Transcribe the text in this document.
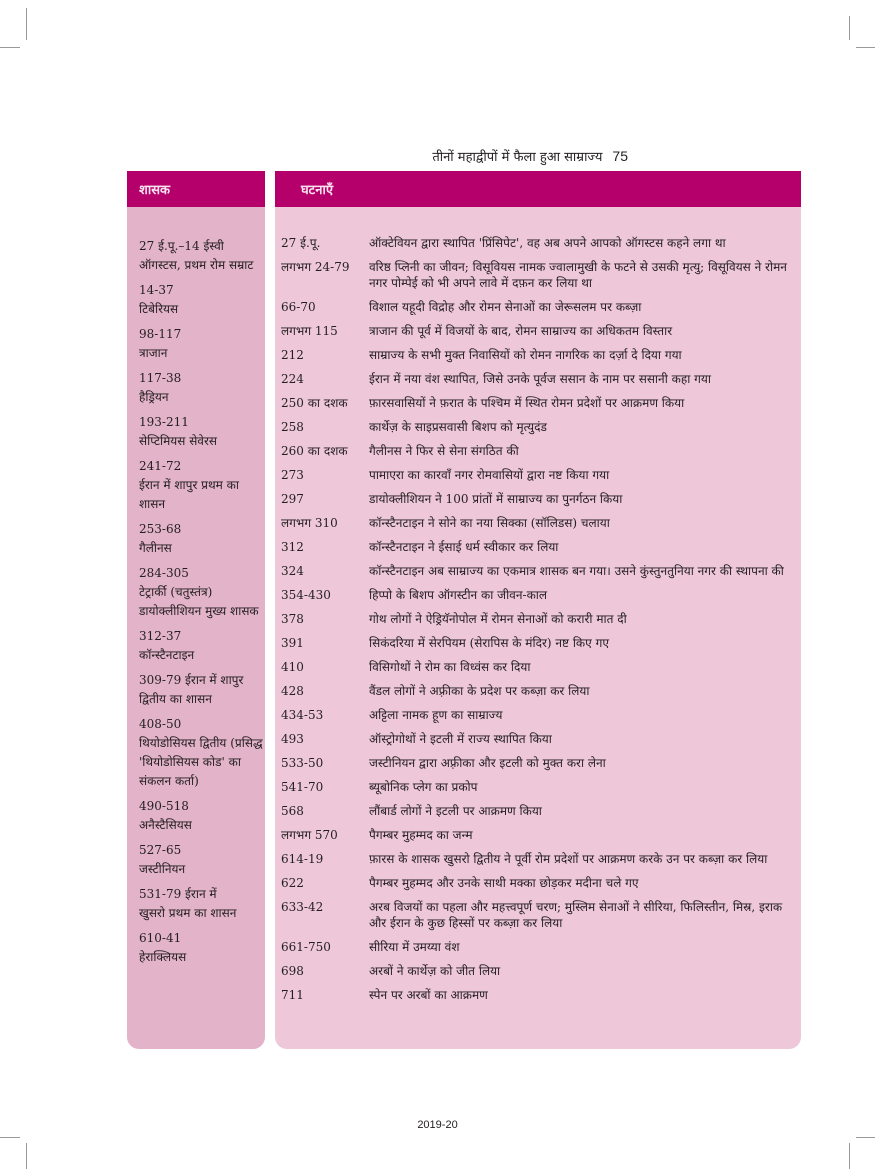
तीनों महाद्वीपों में फैला हुआ साम्राज्य 75
शासक
27 ई.पू.–14 ईस्वी
ऑगस्टस, प्रथम रोम सम्राट
14-37
टिबेरियस
98-117
त्राजान
117-38
हैड्रियन
193-211
सेप्टिमियस सेवेरस
241-72
ईरान में शापुर प्रथम का शासन
253-68
गैलीनस
284-305
टेट्रार्की (चतुस्तंत्र) डायोक्लीशियन मुख्य शासक
312-37
कॉन्स्टैनटाइन
309-79 ईरान में शापुर
द्वितीय का शासन
408-50
थियोडोसियस द्वितीय (प्रसिद्ध 'थियोडोसियस कोड' का संकलन कर्ता)
490-518
अनैस्टैसियस
527-65
जस्टीनियन
531-79 ईरान में
खुसरो प्रथम का शासन
610-41
हेराक्लियस
घटनाएँ
27 ई.पू.	ऑक्टेवियन द्वारा स्थापित 'प्रिंसिपेट', वह अब अपने आपको ऑगस्टस कहने लगा था
लगभग 24-79	वरिष्ठ प्लिनी का जीवन; विसूवियस नामक ज्वालामुखी के फटने से उसकी मृत्यु; विसूवियस ने रोमन नगर पोम्पेई को भी अपने लावे में दफ़न कर लिया था
66-70	विशाल यहूदी विद्रोह और रोमन सेनाओं का जेरूसलम पर कब्ज़ा
लगभग 115	त्राजान की पूर्व में विजयों के बाद, रोमन साम्राज्य का अधिकतम विस्तार
212	साम्राज्य के सभी मुक्त निवासियों को रोमन नागरिक का दर्ज़ा दे दिया गया
224	ईरान में नया वंश स्थापित, जिसे उनके पूर्वज ससान के नाम पर ससानी कहा गया
250 का दशक	फ़ारसवासियों ने फ़रात के पश्चिम में स्थित रोमन प्रदेशों पर आक्रमण किया
258	कार्थेज़ के साइप्रसवासी बिशप को मृत्युदंड
260 का दशक	गैलीनस ने फिर से सेना संगठित की
273	पामाएरा का कारवाँ नगर रोमवासियों द्वारा नष्ट किया गया
297	डायोक्लीशियन ने 100 प्रांतों में साम्राज्य का पुनर्गठन किया
लगभग 310	कॉन्स्टैनटाइन ने सोने का नया सिक्का (सॉलिडस) चलाया
312	कॉन्स्टैनटाइन ने ईसाई धर्म स्वीकार कर लिया
324	कॉन्स्टैनटाइन अब साम्राज्य का एकमात्र शासक बन गया। उसने कुंस्तुनतुनिया नगर की स्थापना की
354-430	हिप्पो के बिशप ऑगस्टीन का जीवन-काल
378	गोथ लोगों ने ऐड्रियॅनोपोल में रोमन सेनाओं को करारी मात दी
391	सिकंदरिया में सेरपियम (सेरापिस के मंदिर) नष्ट किए गए
410	विसिगोथों ने रोम का विध्वंस कर दिया
428	वैंडल लोगों ने अफ़्रीका के प्रदेश पर कब्ज़ा कर लिया
434-53	अट्टिला नामक हूण का साम्राज्य
493	ऑस्ट्रोगोथों ने इटली में राज्य स्थापित किया
533-50	जस्टीनियन द्वारा अफ़्रीका और इटली को मुक्त करा लेना
541-70	ब्यूबोनिक प्लेग का प्रकोप
568	लौंबार्ड लोगों ने इटली पर आक्रमण किया
लगभग 570	पैगम्बर मुहम्मद का जन्म
614-19	फ़ारस के शासक खुसरो द्वितीय ने पूर्वी रोम प्रदेशों पर आक्रमण करके उन पर कब्ज़ा कर लिया
622	पैगम्बर मुहम्मद और उनके साथी मक्का छोड़कर मदीना चले गए
633-42	अरब विजयों का पहला और महत्त्वपूर्ण चरण; मुस्लिम सेनाओं ने सीरिया, फिलिस्तीन, मिस्र, इराक और ईरान के कुछ हिस्सों पर कब्ज़ा कर लिया
661-750	सीरिया में उमय्या वंश
698	अरबों ने कार्थेज़ को जीत लिया
711	स्पेन पर अरबों का आक्रमण
2019-20
